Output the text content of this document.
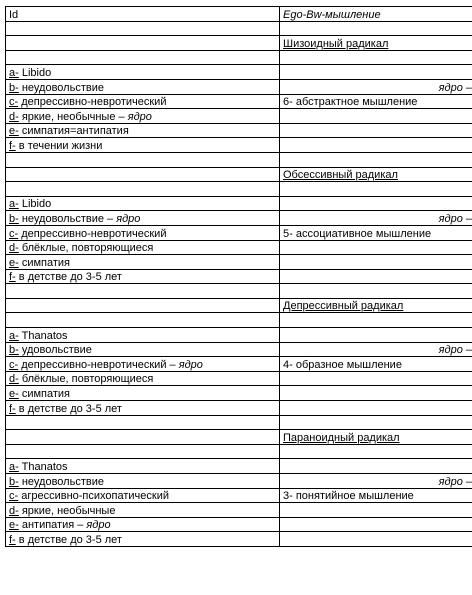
Id	Ego-Bw-мышление

	Шизоидный радикал

a- Libido	
b- неудовольствие	ядро –
c- депрессивно-невротический	6- абстрактное мышление
d- яркие, необычные – ядро	
e- симпатия=антипатия	
f- в течении жизни	

	Обсессивный радикал

a- Libido	
b- неудовольствие – ядро	ядро –
c- депрессивно-невротический	5- ассоциативное мышление
d- блёклые, повторяющиеся	
e- симпатия	
f- в детстве до 3-5 лет	

	Депрессивный радикал

a- Thanatos	
b- удовольствие	ядро –
c- депрессивно-невротический – ядро	4- образное мышление
d- блёклые, повторяющиеся	
e- симпатия	
f- в детстве до 3-5 лет	

	Параноидный радикал

a- Thanatos	
b- неудовольствие	ядро –
c- агрессивно-психопатический	3- понятийное мышление
d- яркие, необычные	
e- антипатия – ядро	
f- в детстве до 3-5 лет	
